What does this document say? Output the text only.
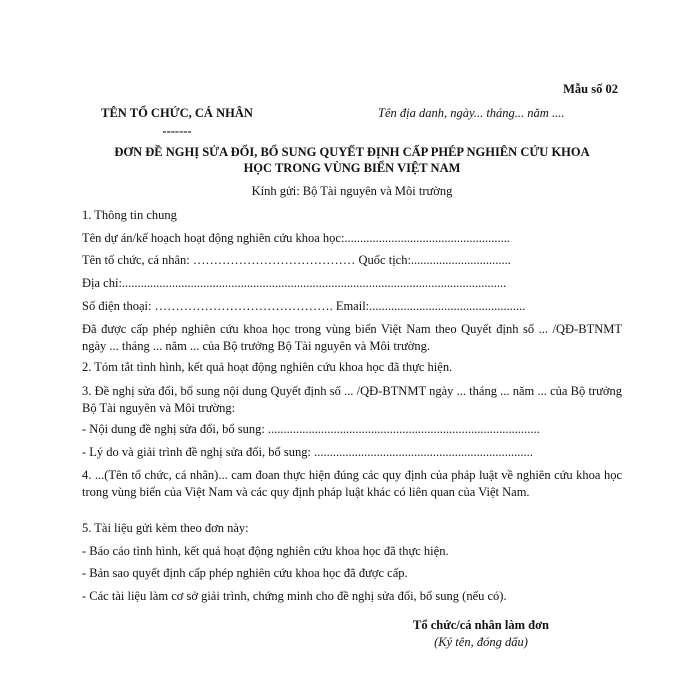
Mẫu số 02
TÊN TỔ CHỨC, CÁ NHÂN
-------
Tên địa danh, ngày... tháng... năm ....
ĐƠN ĐỀ NGHỊ SỬA ĐỔI, BỔ SUNG QUYẾT ĐỊNH CẤP PHÉP NGHIÊN CỨU KHOA
HỌC TRONG VÙNG BIỂN VIỆT NAM
Kính gửi: Bộ Tài nguyên và Môi trường
1. Thông tin chung
Tên dự án/kế hoạch hoạt động nghiên cứu khoa học:.....................................................
Tên tổ chức, cá nhân: ………………………………… Quốc tịch:................................
Địa chỉ:...........................................................................................................................
Số điện thoại: ……………………………………. Email:..................................................
Đã được cấp phép nghiên cứu khoa học trong vùng biển Việt Nam theo Quyết định số ... /QĐ-BTNMT ngày ... tháng ... năm ... của Bộ trưởng Bộ Tài nguyên và Môi trường.
2. Tóm tắt tình hình, kết quả hoạt động nghiên cứu khoa học đã thực hiện.
3. Đề nghị sửa đổi, bổ sung nội dung Quyết định số ... /QĐ-BTNMT ngày ... tháng ... năm ... của Bộ trưởng Bộ Tài nguyên và Môi trường:
- Nội dung đề nghị sửa đổi, bổ sung: .......................................................................................
- Lý do và giải trình đề nghị sửa đổi, bổ sung: ......................................................................
4. ...(Tên tổ chức, cá nhân)... cam đoan thực hiện đúng các quy định của pháp luật về nghiên cứu khoa học trong vùng biển của Việt Nam và các quy định pháp luật khác có liên quan của Việt Nam.
5. Tài liệu gửi kèm theo đơn này:
- Báo cáo tình hình, kết quả hoạt động nghiên cứu khoa học đã thực hiện.
- Bản sao quyết định cấp phép nghiên cứu khoa học đã được cấp.
- Các tài liệu làm cơ sở giải trình, chứng minh cho đề nghị sửa đổi, bổ sung (nếu có).
Tổ chức/cá nhân làm đơn
(Ký tên, đóng dấu)
